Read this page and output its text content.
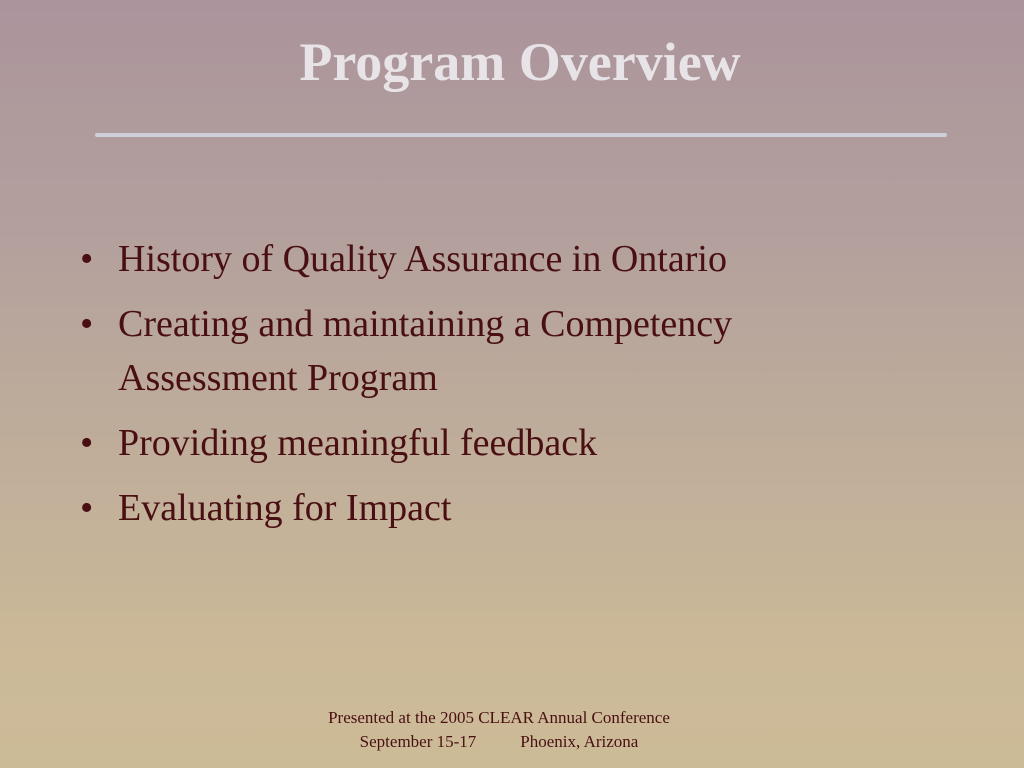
Program Overview
• History of Quality Assurance in Ontario
• Creating and maintaining a Competency Assessment Program
• Providing meaningful feedback
• Evaluating for Impact
Presented at the 2005 CLEAR Annual Conference
September 15-17	Phoenix, Arizona
